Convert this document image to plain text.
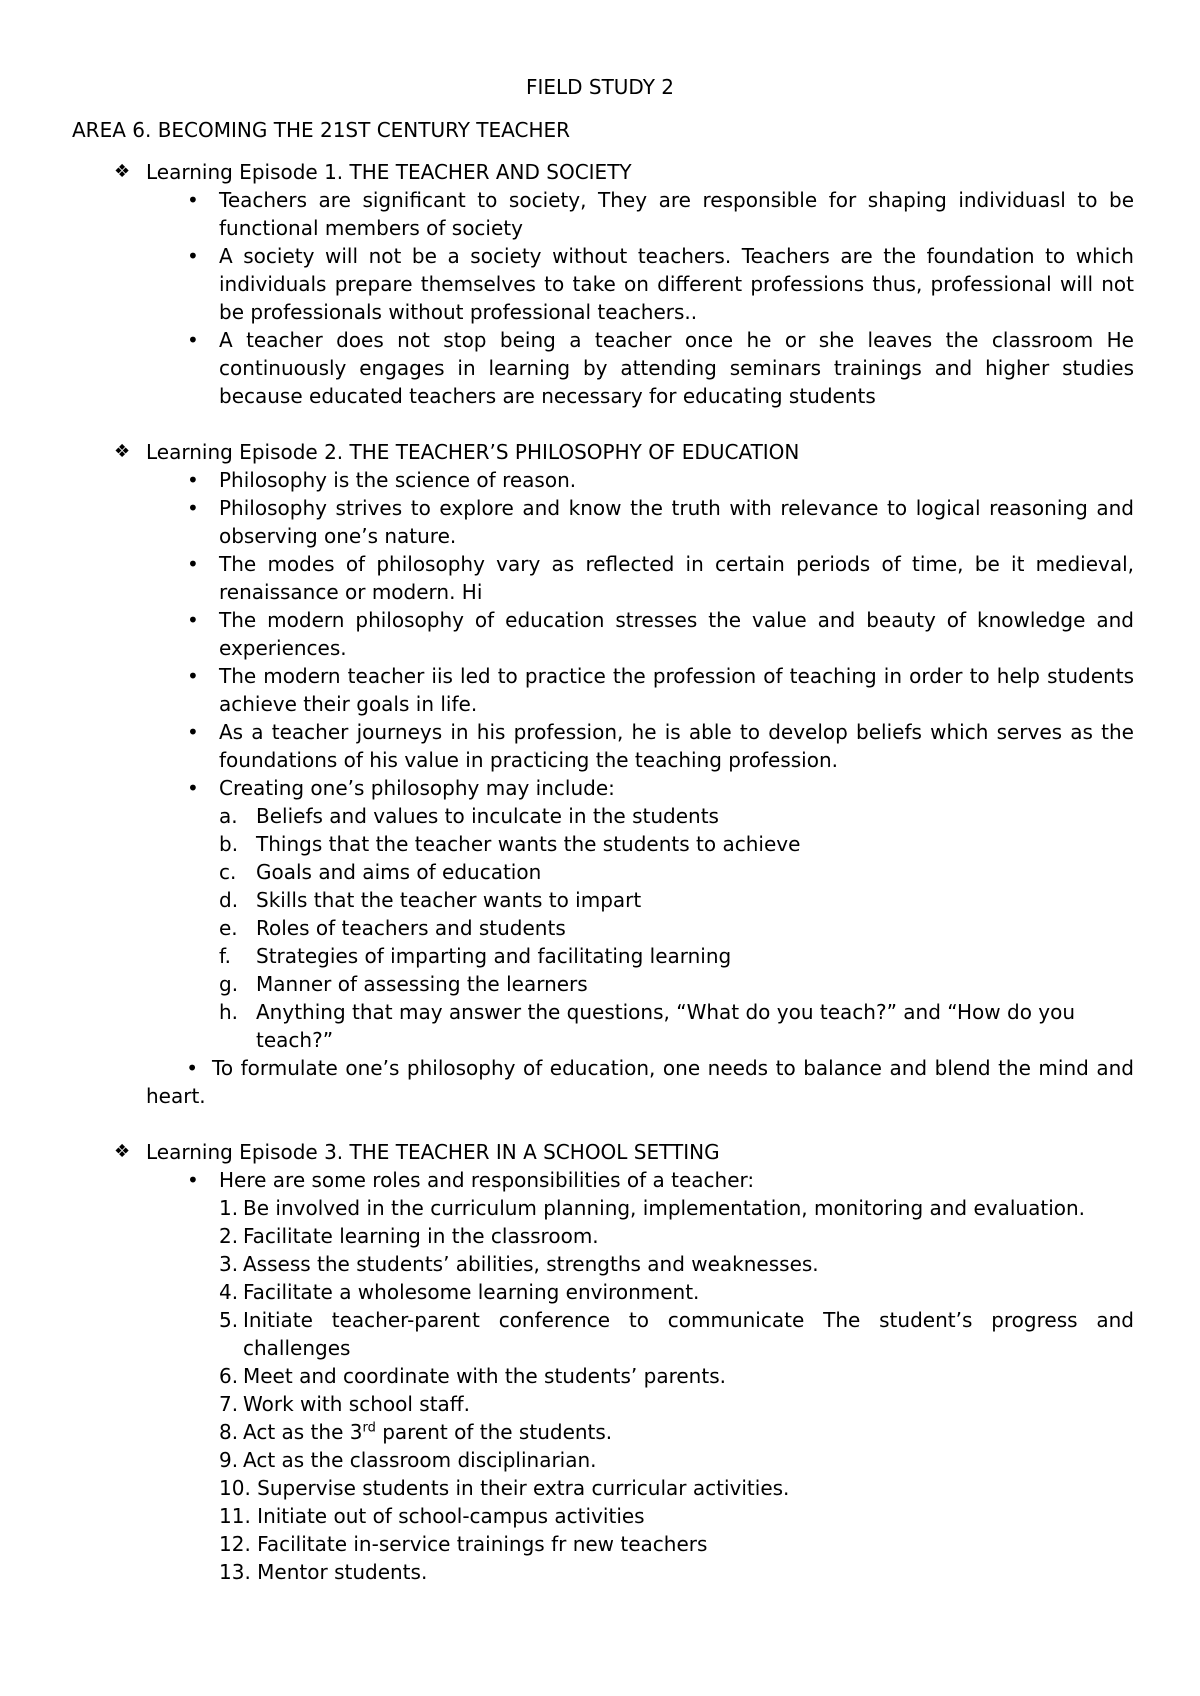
FIELD STUDY 2
AREA 6. BECOMING THE 21ST CENTURY TEACHER
❖ Learning Episode 1. THE TEACHER AND SOCIETY
• Teachers are significant to society, They are responsible for shaping individuasl to be functional members of society
• A society will not be a society without teachers. Teachers are the foundation to which individuals prepare themselves to take on different professions thus, professional will not be professionals without professional teachers..
• A teacher does not stop being a teacher once he or she leaves the classroom He continuously engages in learning by attending seminars trainings and higher studies because educated teachers are necessary for educating students
❖ Learning Episode 2. THE TEACHER’S PHILOSOPHY OF EDUCATION
• Philosophy is the science of reason.
• Philosophy strives to explore and know the truth with relevance to logical reasoning and observing one’s nature.
• The modes of philosophy vary as reflected in certain periods of time, be it medieval, renaissance or modern. Hi
• The modern philosophy of education stresses the value and beauty of knowledge and experiences.
• The modern teacher iis led to practice the profession of teaching in order to help students achieve their goals in life.
• As a teacher journeys in his profession, he is able to develop beliefs which serves as the foundations of his value in practicing the teaching profession.
• Creating one’s philosophy may include:
a. Beliefs and values to inculcate in the students
b. Things that the teacher wants the students to achieve
c. Goals and aims of education
d. Skills that the teacher wants to impart
e. Roles of teachers and students
f. Strategies of imparting and facilitating learning
g. Manner of assessing the learners
h. Anything that may answer the questions, “What do you teach?” and “How do you teach?”
• To formulate one’s philosophy of education, one needs to balance and blend the mind and heart.
❖ Learning Episode 3. THE TEACHER IN A SCHOOL SETTING
• Here are some roles and responsibilities of a teacher:
1. Be involved in the curriculum planning, implementation, monitoring and evaluation.
2. Facilitate learning in the classroom.
3. Assess the students’ abilities, strengths and weaknesses.
4. Facilitate a wholesome learning environment.
5. Initiate teacher-parent conference to communicate The student’s progress and challenges
6. Meet and coordinate with the students’ parents.
7. Work with school staff.
8. Act as the 3rd parent of the students.
9. Act as the classroom disciplinarian.
10. Supervise students in their extra curricular activities.
11. Initiate out of school-campus activities
12. Facilitate in-service trainings fr new teachers
13. Mentor students.
